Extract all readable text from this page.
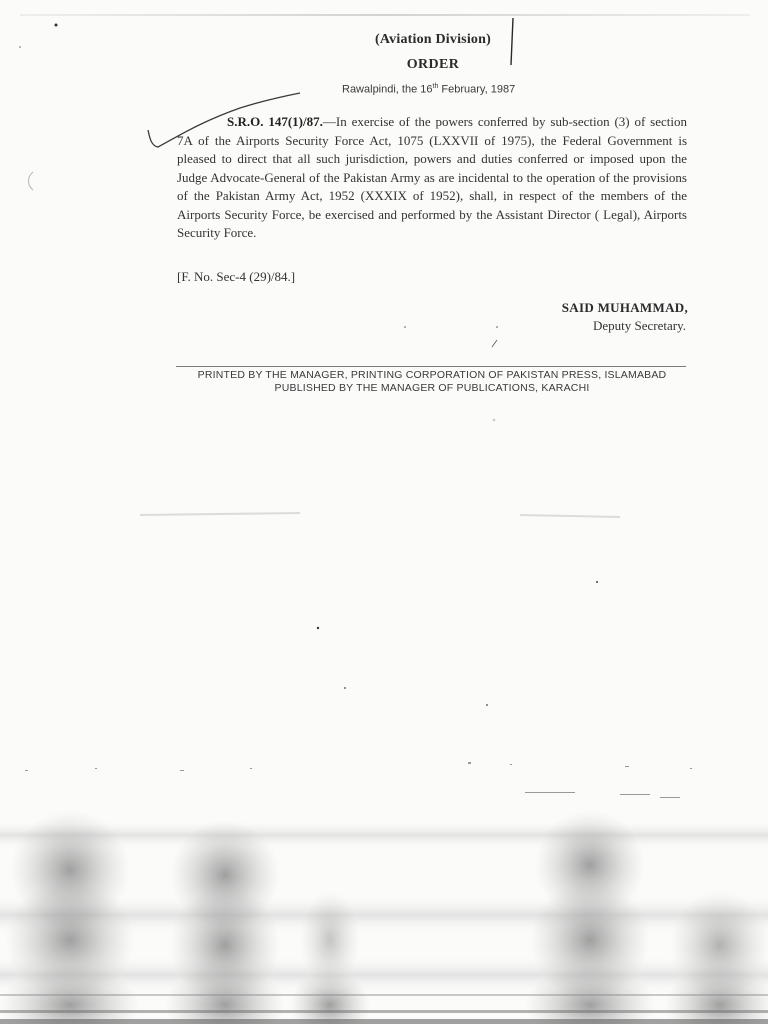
(Aviation Division)
ORDER
Rawalpindi, the 16th February, 1987

S.R.O. 147(1)/87.—In exercise of the powers conferred by sub-section (3) of section 7A of the Airports Security Force Act, 1075 (LXXVII of 1975), the Federal Government is pleased to direct that all such jurisdiction, powers and duties conferred or imposed upon the Judge Advocate-General of the Pakistan Army as are incidental to the operation of the provisions of the Pakistan Army Act, 1952 (XXXIX of 1952), shall, in respect of the members of the Airports Security Force, be exercised and performed by the Assistant Director ( Legal), Airports Security Force.

[F. No. Sec-4 (29)/84.]
SAID MUHAMMAD,
Deputy Secretary.
PRINTED BY THE MANAGER, PRINTING CORPORATION OF PAKISTAN PRESS, ISLAMABAD
PUBLISHED BY THE MANAGER OF PUBLICATIONS, KARACHI
